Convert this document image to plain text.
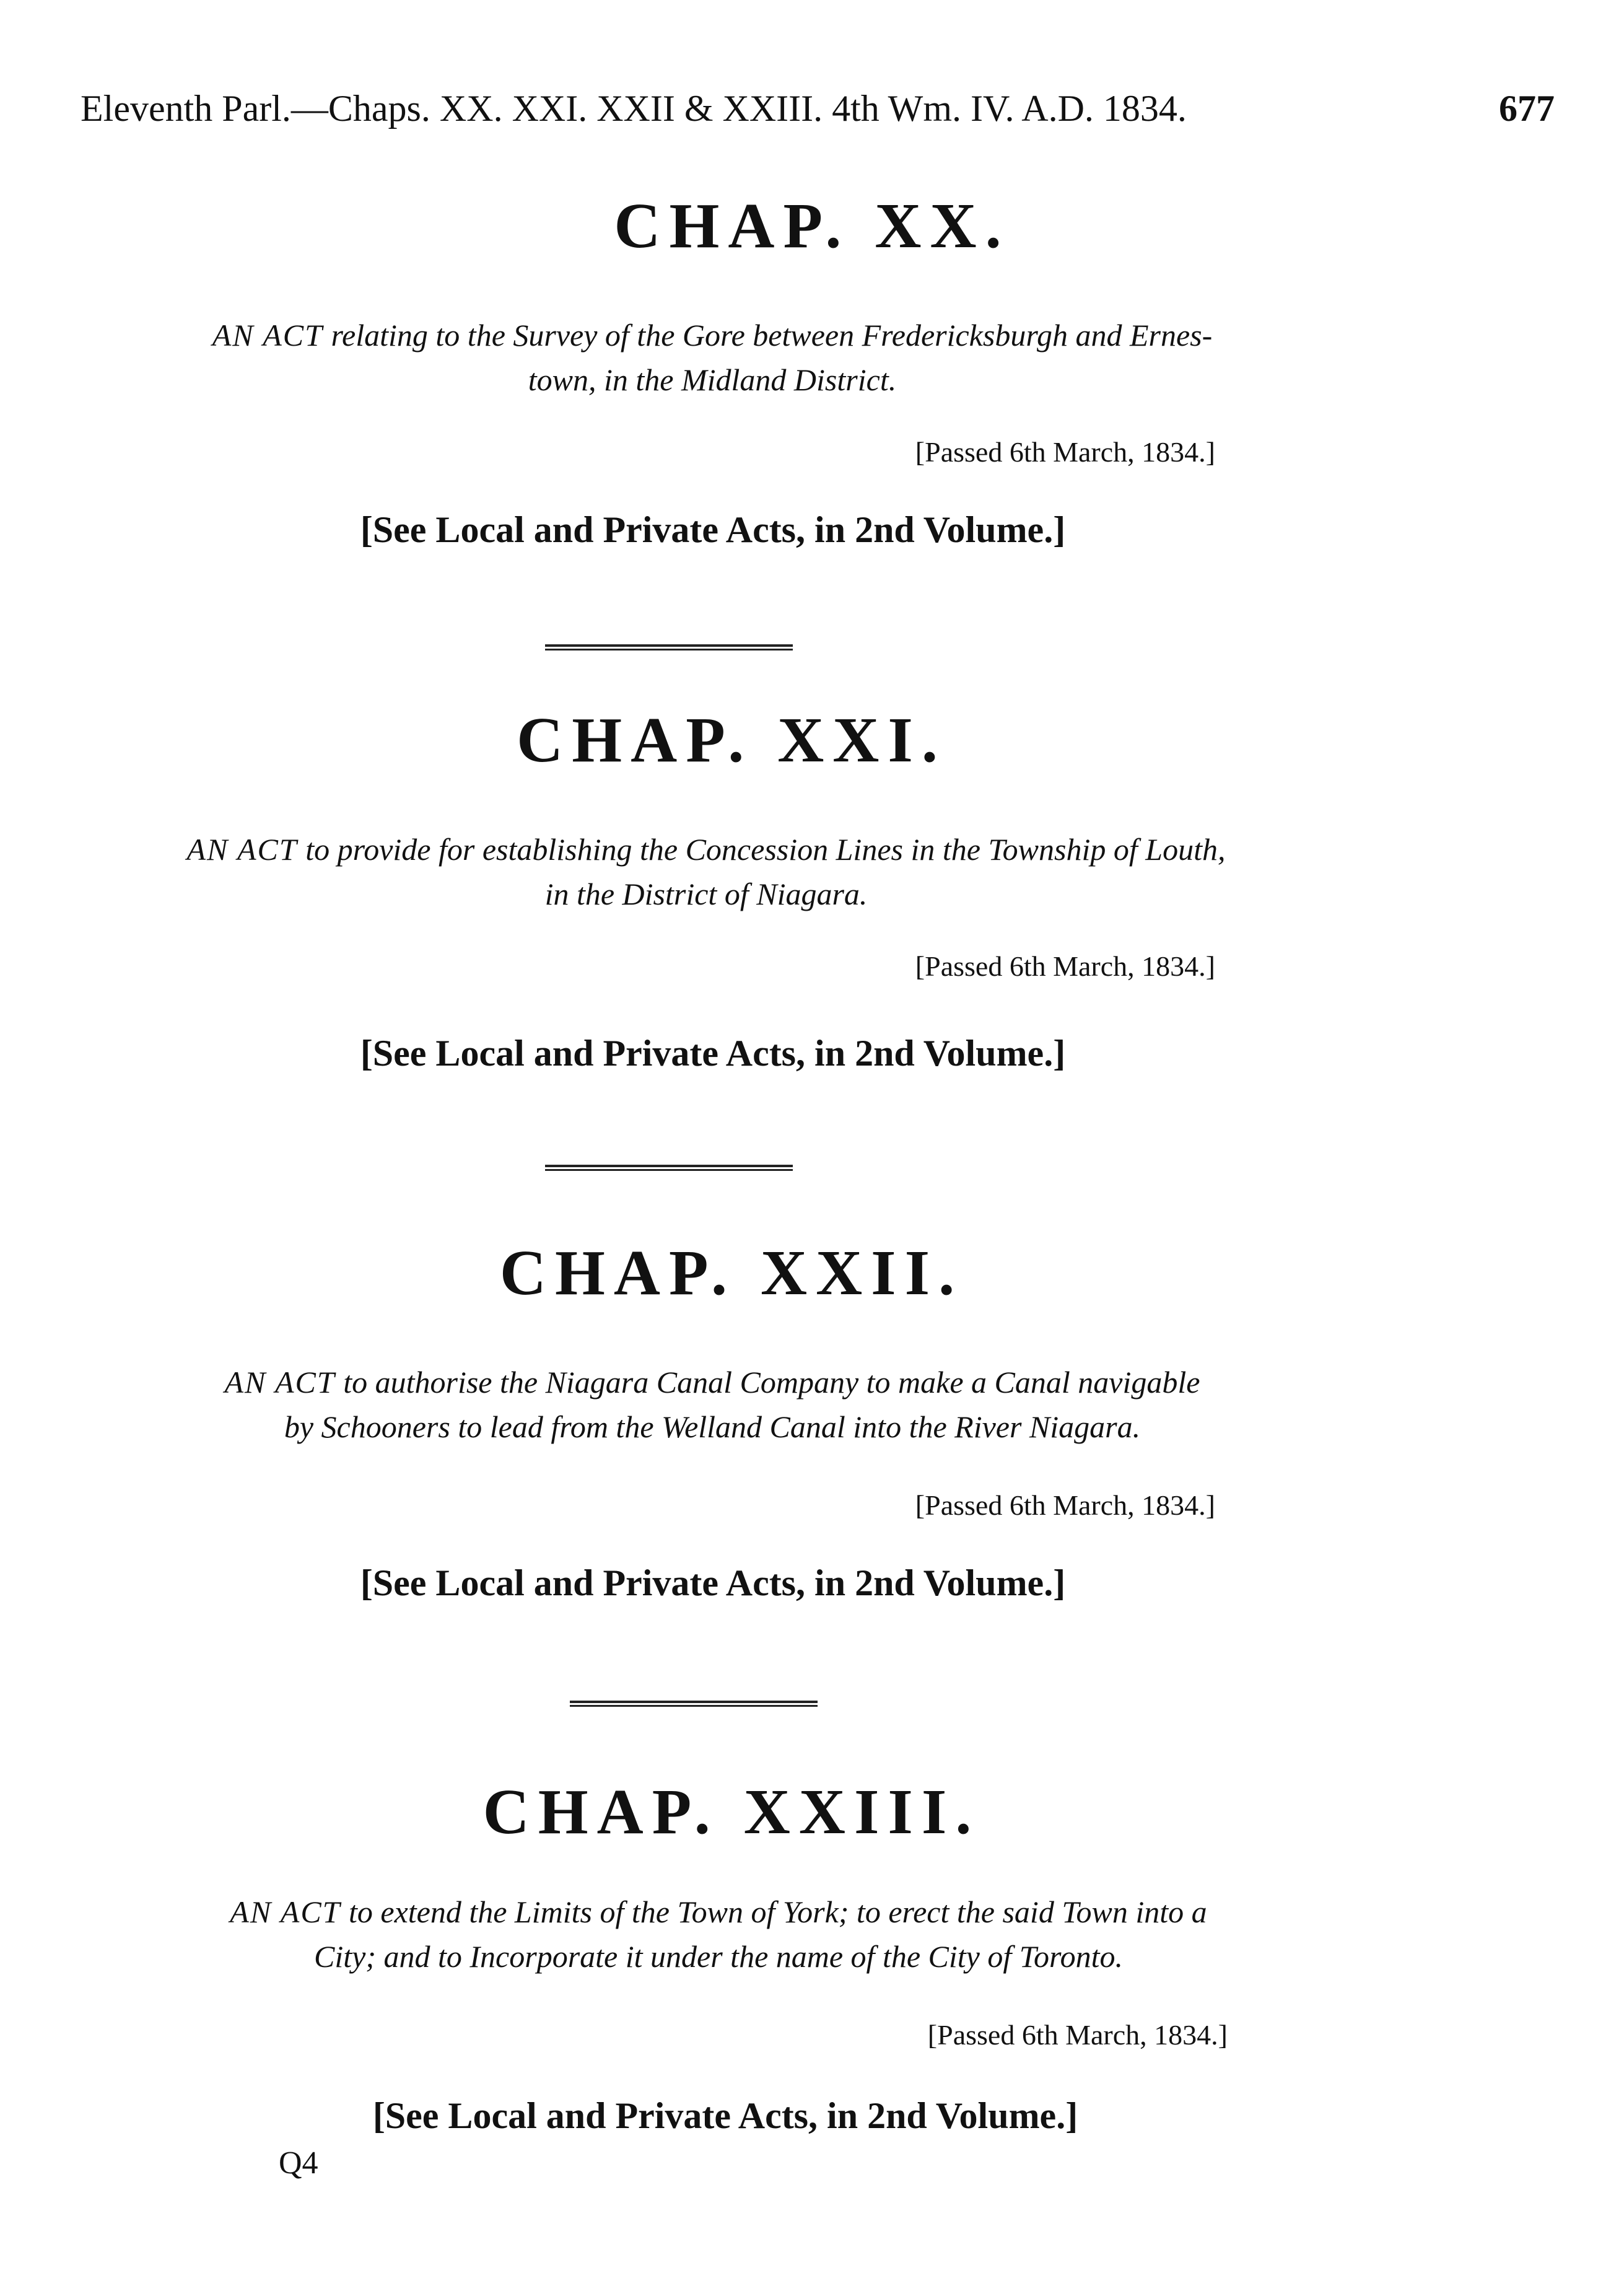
Eleventh Parl.—Chaps. XX. XXI. XXII & XXIII. 4th Wm. IV. A.D. 1834.	677
CHAP. XX.
AN ACT relating to the Survey of the Gore between Fredericksburgh and Ernes-
town, in the Midland District.
[Passed 6th March, 1834.]
[See Local and Private Acts, in 2nd Volume.]
CHAP. XXI.
AN ACT to provide for establishing the Concession Lines in the Township of Louth,
in the District of Niagara.
[Passed 6th March, 1834.]
[See Local and Private Acts, in 2nd Volume.]
CHAP. XXII.
AN ACT to authorise the Niagara Canal Company to make a Canal navigable
by Schooners to lead from the Welland Canal into the River Niagara.
[Passed 6th March, 1834.]
[See Local and Private Acts, in 2nd Volume.]
CHAP. XXIII.
AN ACT to extend the Limits of the Town of York; to erect the said Town into a
City; and to Incorporate it under the name of the City of Toronto.
[Passed 6th March, 1834.]
[See Local and Private Acts, in 2nd Volume.]
Q4
